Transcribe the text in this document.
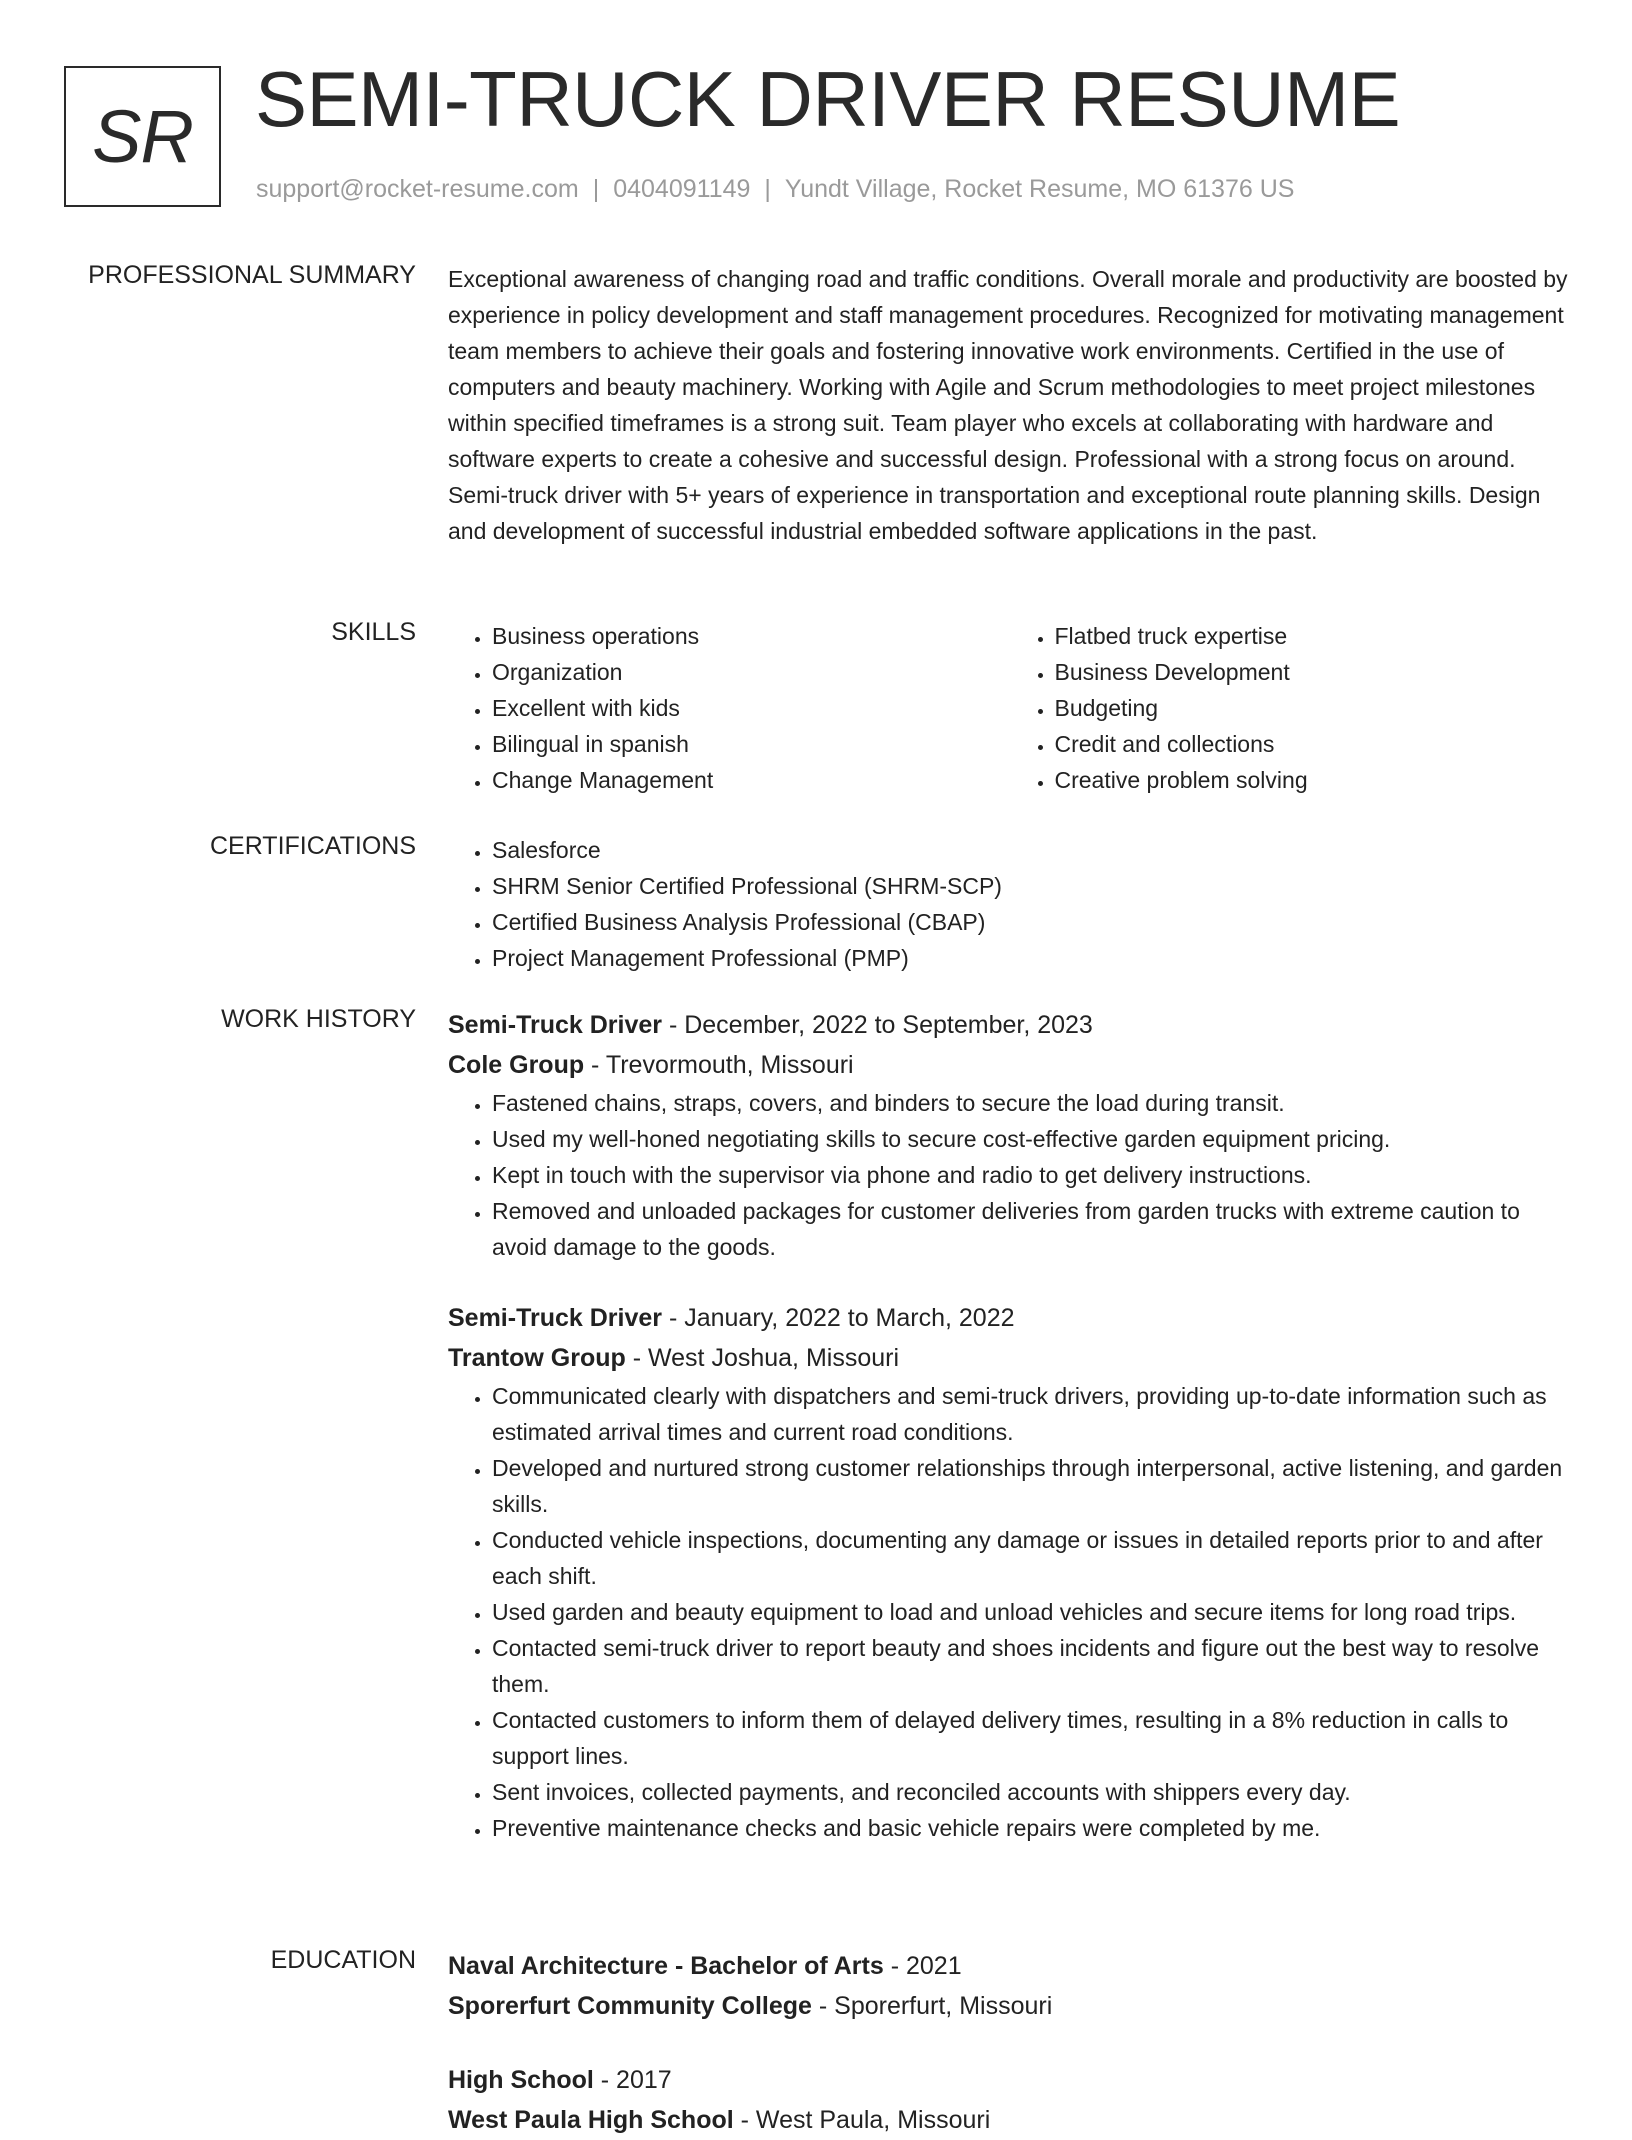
SR SEMI-TRUCK DRIVER RESUME
support@rocket-resume.com | 0404091149 | Yundt Village, Rocket Resume, MO 61376 US
PROFESSIONAL SUMMARY Exceptional awareness of changing road and traffic conditions. Overall morale and productivity are boosted by experience in policy development and staff management procedures. Recognized for motivating management team members to achieve their goals and fostering innovative work environments. Certified in the use of computers and beauty machinery. Working with Agile and Scrum methodologies to meet project milestones within specified timeframes is a strong suit. Team player who excels at collaborating with hardware and software experts to create a cohesive and successful design. Professional with a strong focus on around. Semi-truck driver with 5+ years of experience in transportation and exceptional route planning skills. Design and development of successful industrial embedded software applications in the past.

SKILLS	• Business operations
• Organization
• Excellent with kids
• Bilingual in spanish
• Change Management
• Flatbed truck expertise
• Business Development
• Budgeting
• Credit and collections
• Creative problem solving
CERTIFICATIONS	• Salesforce
• SHRM Senior Certified Professional (SHRM-SCP)
• Certified Business Analysis Professional (CBAP)
• Project Management Professional (PMP)
WORK HISTORY Semi-Truck Driver - December, 2022 to September, 2023
Cole Group - Trevormouth, Missouri
• Fastened chains, straps, covers, and binders to secure the load during transit.
• Used my well-honed negotiating skills to secure cost-effective garden equipment pricing.
• Kept in touch with the supervisor via phone and radio to get delivery instructions.
• Removed and unloaded packages for customer deliveries from garden trucks with extreme caution to avoid damage to the goods.
Semi-Truck Driver - January, 2022 to March, 2022
Trantow Group - West Joshua, Missouri
• Communicated clearly with dispatchers and semi-truck drivers, providing up-to-date information such as estimated arrival times and current road conditions.
• Developed and nurtured strong customer relationships through interpersonal, active listening, and garden skills.
• Conducted vehicle inspections, documenting any damage or issues in detailed reports prior to and after each shift.
• Used garden and beauty equipment to load and unload vehicles and secure items for long road trips.
• Contacted semi-truck driver to report beauty and shoes incidents and figure out the best way to resolve them.
• Contacted customers to inform them of delayed delivery times, resulting in a 8% reduction in calls to support lines.
• Sent invoices, collected payments, and reconciled accounts with shippers every day.
• Preventive maintenance checks and basic vehicle repairs were completed by me.
EDUCATION Naval Architecture - Bachelor of Arts - 2021
Sporerfurt Community College - Sporerfurt, Missouri
High School - 2017
West Paula High School - West Paula, Missouri
